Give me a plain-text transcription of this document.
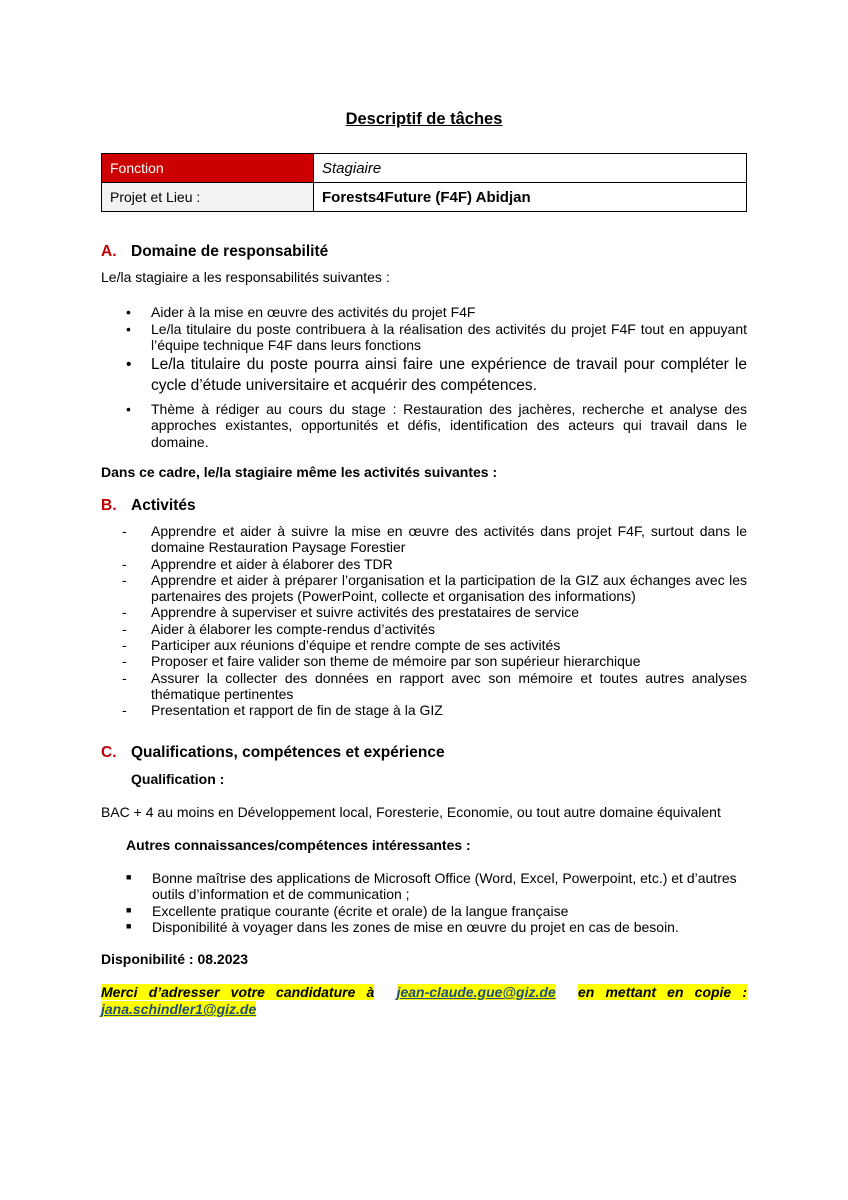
Descriptif de tâches
Fonction	Stagiaire
Projet et Lieu :	Forests4Future (F4F) Abidjan
A. Domaine de responsabilité
Le/la stagiaire a les responsabilités suivantes :
• Aider à la mise en œuvre des activités du projet F4F
• Le/la titulaire du poste contribuera à la réalisation des activités du projet F4F tout en appuyant l’équipe technique F4F dans leurs fonctions
• Le/la titulaire du poste pourra ainsi faire une expérience de travail pour compléter le cycle d’étude universitaire et acquérir des compétences.
• Thème à rédiger au cours du stage : Restauration des jachères, recherche et analyse des approches existantes, opportunités et défis, identification des acteurs qui travail dans le domaine.
Dans ce cadre, le/la stagiaire même les activités suivantes :
B. Activités
- Apprendre et aider à suivre la mise en œuvre des activités dans projet F4F, surtout dans le domaine Restauration Paysage Forestier
- Apprendre et aider à élaborer des TDR
- Apprendre et aider à préparer l’organisation et la participation de la GIZ aux échanges avec les partenaires des projets (PowerPoint, collecte et organisation des informations)
- Apprendre à superviser et suivre activités des prestataires de service
- Aider à élaborer les compte-rendus d’activités
- Participer aux réunions d’équipe et rendre compte de ses activités
- Proposer et faire valider son theme de mémoire par son supérieur hierarchique
- Assurer la collecter des données en rapport avec son mémoire et toutes autres analyses thématique pertinentes
- Presentation et rapport de fin de stage à la GIZ
C. Qualifications, compétences et expérience
Qualification :
BAC + 4 au moins en Développement local, Foresterie, Economie, ou tout autre domaine équivalent
Autres connaissances/compétences intéressantes :
■ Bonne maîtrise des applications de Microsoft Office (Word, Excel, Powerpoint, etc.) et d’autres outils d’information et de communication ;
■ Excellente pratique courante (écrite et orale) de la langue française
■ Disponibilité à voyager dans les zones de mise en œuvre du projet en cas de besoin.
Disponibilité : 08.2023
Merci d’adresser votre candidature à jean-claude.gue@giz.de en mettant en copie : jana.schindler1@giz.de
